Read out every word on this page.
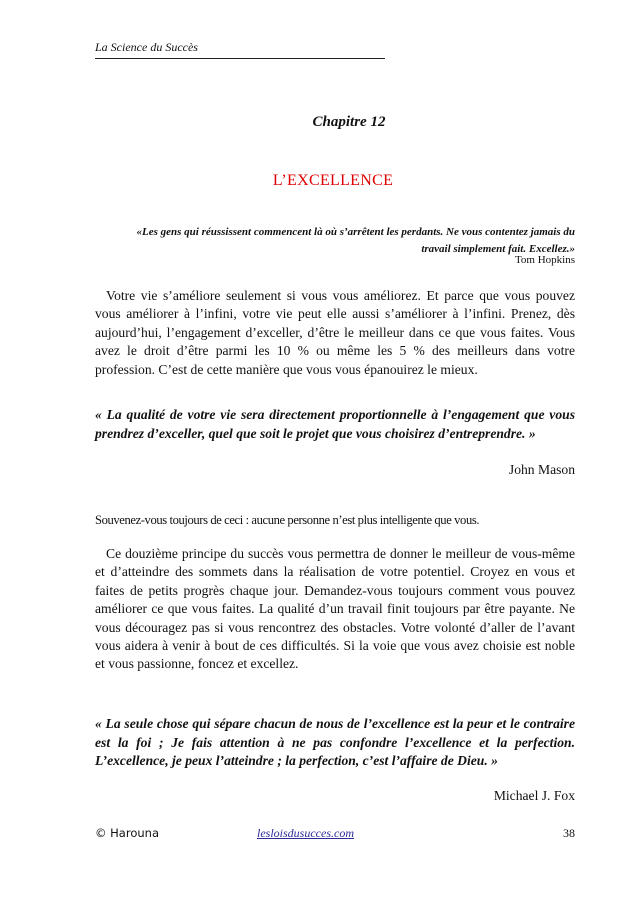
La Science du Succès
Chapitre 12
L’EXCELLENCE
«Les gens qui réussissent commencent là où s’arrêtent les perdants. Ne vous contentez jamais du travail simplement fait. Excellez.»
Tom Hopkins

Votre vie s’améliore seulement si vous vous améliorez. Et parce que vous pouvez vous améliorer à l’infini, votre vie peut elle aussi s’améliorer à l’infini. Prenez, dès aujourd’hui, l’engagement d’exceller, d’être le meilleur dans ce que vous faites. Vous avez le droit d’être parmi les 10 % ou même les 5 % des meilleurs dans votre profession. C’est de cette manière que vous vous épanouirez le mieux.

« La qualité de votre vie sera directement proportionnelle à l’engagement que vous prendrez d’exceller, quel que soit le projet que vous choisirez d’entreprendre. »

John Mason
Souvenez-vous toujours de ceci : aucune personne n’est plus intelligente que vous.

Ce douzième principe du succès vous permettra de donner le meilleur de vous-même et d’atteindre des sommets dans la réalisation de votre potentiel. Croyez en vous et faites de petits progrès chaque jour. Demandez-vous toujours comment vous pouvez améliorer ce que vous faites. La qualité d’un travail finit toujours par être payante. Ne vous découragez pas si vous rencontrez des obstacles. Votre volonté d’aller de l’avant vous aidera à venir à bout de ces difficultés. Si la voie que vous avez choisie est noble et vous passionne, foncez et excellez.

« La seule chose qui sépare chacun de nous de l’excellence est la peur et le contraire est la foi ; Je fais attention à ne pas confondre l’excellence et la perfection. L’excellence, je peux l’atteindre ; la perfection, c’est l’affaire de Dieu. »

Michael J. Fox
© Harouna	lesloisdusucces.com	38
